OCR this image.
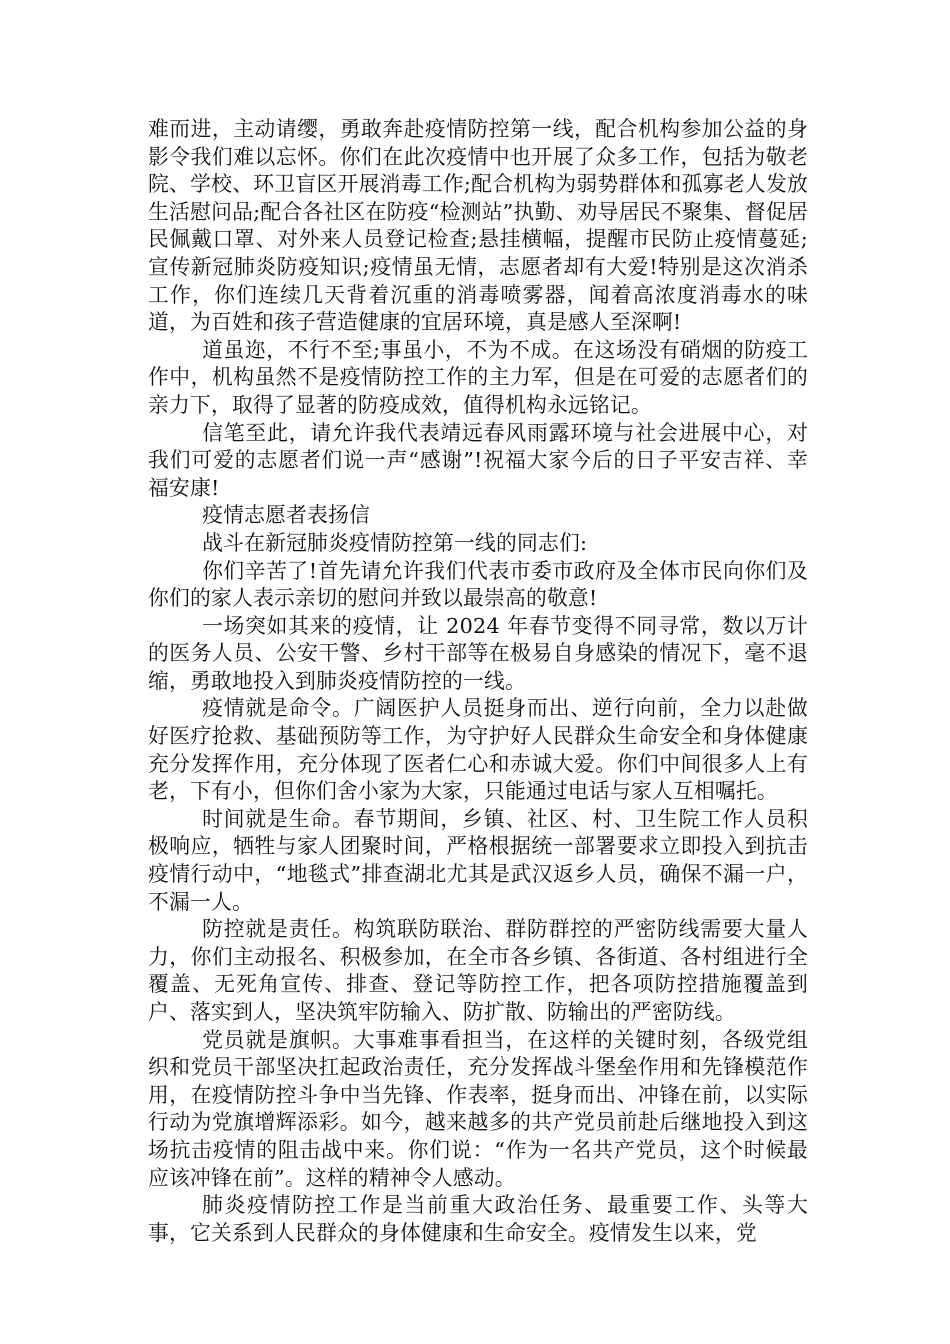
难而进，主动请缨，勇敢奔赴疫情防控第一线，配合机构参加公益的身影令我们难以忘怀。你们在此次疫情中也开展了众多工作，包括为敬老院、学校、环卫盲区开展消毒工作;配合机构为弱势群体和孤寡老人发放生活慰问品;配合各社区在防疫“检测站”执勤、劝导居民不聚集、督促居民佩戴口罩、对外来人员登记检查;悬挂横幅，提醒市民防止疫情蔓延;宣传新冠肺炎防疫知识;疫情虽无情，志愿者却有大爱!特别是这次消杀工作，你们连续几天背着沉重的消毒喷雾器，闻着高浓度消毒水的味道，为百姓和孩子营造健康的宜居环境，真是感人至深啊!

道虽迩，不行不至;事虽小，不为不成。在这场没有硝烟的防疫工作中，机构虽然不是疫情防控工作的主力军，但是在可爱的志愿者们的亲力下，取得了显著的防疫成效，值得机构永远铭记。

信笔至此，请允许我代表靖远春风雨露环境与社会进展中心，对我们可爱的志愿者们说一声“感谢”!祝福大家今后的日子平安吉祥、幸福安康!

疫情志愿者表扬信

战斗在新冠肺炎疫情防控第一线的同志们:

你们辛苦了!首先请允许我们代表市委市政府及全体市民向你们及你们的家人表示亲切的慰问并致以最崇高的敬意!

一场突如其来的疫情，让 2024 年春节变得不同寻常，数以万计的医务人员、公安干警、乡村干部等在极易自身感染的情况下，毫不退缩，勇敢地投入到肺炎疫情防控的一线。

疫情就是命令。广阔医护人员挺身而出、逆行向前，全力以赴做好医疗抢救、基础预防等工作，为守护好人民群众生命安全和身体健康充分发挥作用，充分体现了医者仁心和赤诚大爱。你们中间很多人上有老，下有小，但你们舍小家为大家，只能通过电话与家人互相嘱托。

时间就是生命。春节期间，乡镇、社区、村、卫生院工作人员积极响应，牺牲与家人团聚时间，严格根据统一部署要求立即投入到抗击疫情行动中，“地毯式”排查湖北尤其是武汉返乡人员，确保不漏一户，不漏一人。

防控就是责任。构筑联防联治、群防群控的严密防线需要大量人力，你们主动报名、积极参加，在全市各乡镇、各街道、各村组进行全覆盖、无死角宣传、排查、登记等防控工作，把各项防控措施覆盖到户、落实到人，坚决筑牢防输入、防扩散、防输出的严密防线。

党员就是旗帜。大事难事看担当，在这样的关键时刻，各级党组织和党员干部坚决扛起政治责任，充分发挥战斗堡垒作用和先锋模范作用，在疫情防控斗争中当先锋、作表率，挺身而出、冲锋在前，以实际行动为党旗增辉添彩。如今，越来越多的共产党员前赴后继地投入到这场抗击疫情的阻击战中来。你们说：“作为一名共产党员，这个时候最应该冲锋在前”。这样的精神令人感动。

肺炎疫情防控工作是当前重大政治任务、最重要工作、头等大事，它关系到人民群众的身体健康和生命安全。疫情发生以来，党
